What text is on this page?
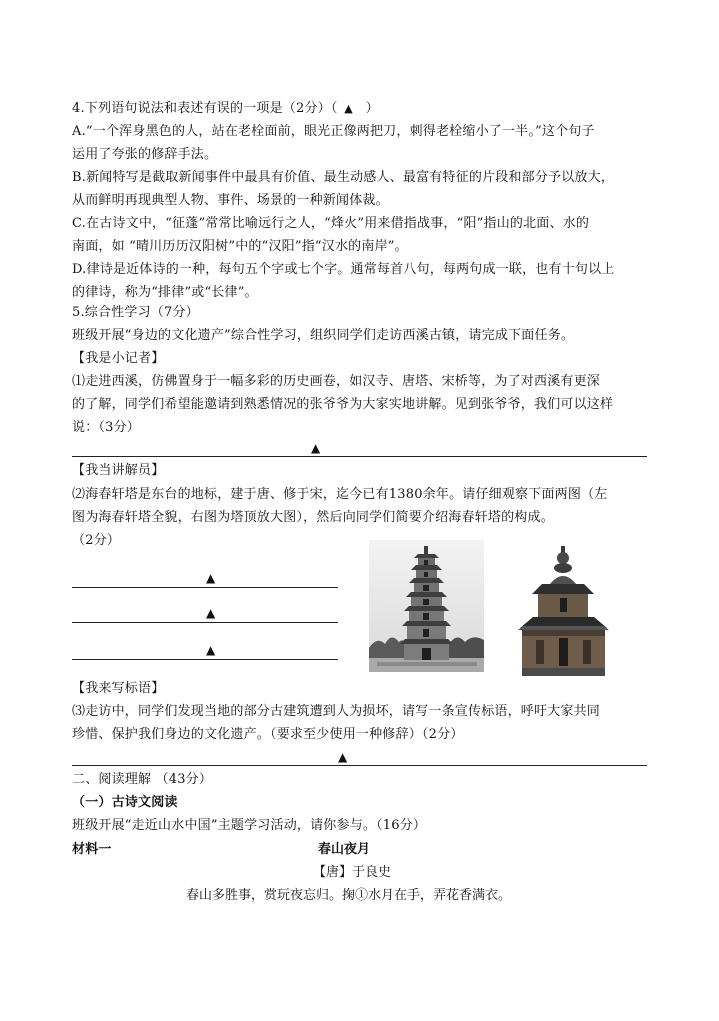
4.下列语句说法和表述有误的一项是（2分）（ ▲ ）
A.“一个浑身黑色的人，站在老栓面前，眼光正像两把刀，刺得老栓缩小了一半。”这个句子
运用了夸张的修辞手法。
B.新闻特写是截取新闻事件中最具有价值、最生动感人、最富有特征的片段和部分予以放大，
从而鲜明再现典型人物、事件、场景的一种新闻体裁。
C.在古诗文中，“征蓬”常常比喻远行之人，“烽火”用来借指战事，“阳”指山的北面、水的
南面，如 “晴川历历汉阳树”中的“汉阳”指“汉水的南岸”。
D.律诗是近体诗的一种，每句五个字或七个字。通常每首八句，每两句成一联，也有十句以上
的律诗，称为“排律”或“长律”。
5.综合性学习（7分）
班级开展“身边的文化遗产”综合性学习，组织同学们走访西溪古镇，请完成下面任务。
【我是小记者】
⑴走进西溪，仿佛置身于一幅多彩的历史画卷，如汉寺、唐塔、宋桥等，为了对西溪有更深
的了解，同学们希望能邀请到熟悉情况的张爷爷为大家实地讲解。见到张爷爷，我们可以这样
说：（3分）
▲
【我当讲解员】
⑵海春轩塔是东台的地标，建于唐、修于宋，迄今已有1380余年。请仔细观察下面两图（左
图为海春轩塔全貌，右图为塔顶放大图），然后向同学们简要介绍海春轩塔的构成。
（2分）
▲
▲
▲
【我来写标语】
⑶走访中，同学们发现当地的部分古建筑遭到人为损坏，请写一条宣传标语，呼吁大家共同
珍惜、保护我们身边的文化遗产。（要求至少使用一种修辞）（2分）
▲
二、阅读理解 （43分）
（一）古诗文阅读
班级开展“走近山水中国”主题学习活动，请你参与。（16分）
材料一	春山夜月
【唐】于良史
春山多胜事，赏玩夜忘归。掬①水月在手，弄花香满衣。
